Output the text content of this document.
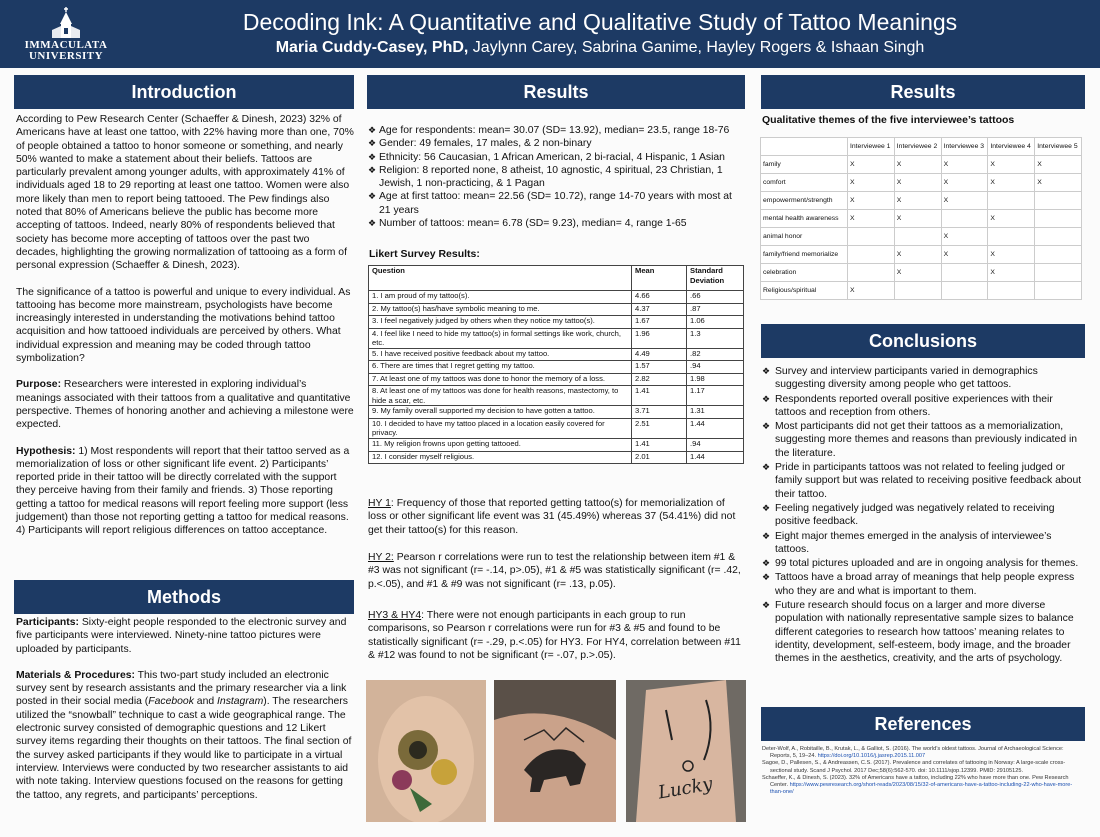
IMMACULATA
UNIVERSITY
Decoding Ink: A Quantitative and Qualitative Study of Tattoo Meanings
Maria Cuddy-Casey, PhD, Jaylynn Carey, Sabrina Ganime, Hayley Rogers & Ishaan Singh
Introduction

According to Pew Research Center (Schaeffer & Dinesh, 2023) 32% of Americans have at least one tattoo, with 22% having more than one, 70% of people obtained a tattoo to honor someone or something, and nearly 50% wanted to make a statement about their beliefs. Tattoos are particularly prevalent among younger adults, with approximately 41% of individuals aged 18 to 29 reporting at least one tattoo. Women were also more likely than men to report being tattooed. The Pew findings also noted that 80% of Americans believe the public has become more accepting of tattoos. Indeed, nearly 80% of respondents believed that society has become more accepting of tattoos over the past two decades, highlighting the growing normalization of tattooing as a form of personal expression (Schaeffer & Dinesh, 2023).

The significance of a tattoo is powerful and unique to every individual. As tattooing has become more mainstream, psychologists have become increasingly interested in understanding the motivations behind tattoo acquisition and how tattooed individuals are perceived by others. What individual expression and meaning may be coded through tattoo symbolization?

Purpose: Researchers were interested in exploring individual’s meanings associated with their tattoos from a qualitative and quantitative perspective. Themes of honoring another and achieving a milestone were expected.

Hypothesis: 1) Most respondents will report that their tattoo served as a memorialization of loss or other significant life event. 2) Participants’ reported pride in their tattoo will be directly correlated with the support they perceive having from their family and friends. 3) Those reporting getting a tattoo for medical reasons will report feeling more support (less judgement) than those not reporting getting a tattoo for medical reasons. 4) Participants will report religious differences on tattoo acceptance.

Methods

Participants: Sixty-eight people responded to the electronic survey and five participants were interviewed. Ninety-nine tattoo pictures were uploaded by participants.

Materials & Procedures: This two-part study included an electronic survey sent by research assistants and the primary researcher via a link posted in their social media (Facebook and Instagram). The researchers utilized the “snowball” technique to cast a wide geographical range. The electronic survey consisted of demographic questions and 12 Likert survey items regarding their thoughts on their tattoos. The final section of the survey asked participants if they would like to participate in a virtual interview. Interviews were conducted by two researcher assistants to aid with note taking. Interview questions focused on the reasons for getting the tattoo, any regrets, and participants’ perceptions.

Results
❖ Age for respondents: mean= 30.07 (SD= 13.92), median= 23.5, range 18-76
❖ Gender: 49 females, 17 males, & 2 non-binary
❖ Ethnicity: 56 Caucasian, 1 African American, 2 bi-racial, 4 Hispanic, 1 Asian
❖ Religion: 8 reported none, 8 atheist, 10 agnostic, 4 spiritual, 23 Christian, 1 Jewish, 1 non-practicing, & 1 Pagan
❖ Age at first tattoo: mean= 22.56 (SD= 10.72), range 14-70 years with most at 21 years
❖ Number of tattoos: mean= 6.78 (SD= 9.23), median= 4, range 1-65
Likert Survey Results:
Question	Mean	Standard Deviation
1. I am proud of my tattoo(s).	4.66	.66
2. My tattoo(s) has/have symbolic meaning to me.	4.37	.87
3. I feel negatively judged by others when they notice my tattoo(s).	1.67	1.06
4. I feel like I need to hide my tattoo(s) in formal settings like work, church, etc.	1.96	1.3
5. I have received positive feedback about my tattoo.	4.49	.82
6. There are times that I regret getting my tattoo.	1.57	.94
7. At least one of my tattoos was done to honor the memory of a loss.	2.82	1.98
8. At least one of my tattoos was done for health reasons, mastectomy, to hide a scar, etc.	1.41	1.17
9. My family overall supported my decision to have gotten a tattoo.	3.71	1.31
10. I decided to have my tattoo placed in a location easily covered for privacy.	2.51	1.44
11. My religion frowns upon getting tattooed.	1.41	.94
12. I consider myself religious.	2.01	1.44
HY 1: Frequency of those that reported getting tattoo(s) for memorialization of loss or other significant life event was 31 (45.49%) whereas 37 (54.41%) did not get their tattoo(s) for this reason.
HY 2: Pearson r correlations were run to test the relationship between item #1 & #3 was not significant (r= -.14, p>.05), #1 & #5 was statistically significant (r= .42, p.<.05), and #1 & #9 was not significant (r= .13, p.05).
HY3 & HY4: There were not enough participants in each group to run comparisons, so Pearson r correlations were run for #3 & #5 and found to be statistically significant (r= -.29, p.<.05) for HY3. For HY4, correlation between #11 & #12 was found to not be significant (r= -.07, p.>.05).
Lucky
Results
Qualitative themes of the five interviewee’s tattoos
	Interviewee 1	Interviewee 2	Interviewee 3	Interviewee 4	Interviewee 5
family	X	X	X	X	X
comfort	X	X	X	X	X
empowerment/strength	X	X	X		
mental health awareness	X	X		X	
animal honor			X		
family/friend memorialize		X	X	X	
celebration		X		X	
Religious/spiritual	X				
Conclusions
❖ Survey and interview participants varied in demographics suggesting diversity among people who get tattoos.
❖ Respondents reported overall positive experiences with their tattoos and reception from others.
❖ Most participants did not get their tattoos as a memorialization, suggesting more themes and reasons than previously indicated in the literature.
❖ Pride in participants tattoos was not related to feeling judged or family support but was related to receiving positive feedback about their tattoo.
❖ Feeling negatively judged was negatively related to receiving positive feedback.
❖ Eight major themes emerged in the analysis of interviewee’s tattoos.
❖ 99 total pictures uploaded and are in ongoing analysis for themes.
❖ Tattoos have a broad array of meanings that help people express who they are and what is important to them.
❖ Future research should focus on a larger and more diverse population with nationally representative sample sizes to balance different categories to research how tattoos’ meaning relates to identity, development, self-esteem, body image, and the broader themes in the aesthetics, creativity, and the arts of psychology.
References

Deter-Wolf, A., Robitaille, B., Krutak, L., & Galliot, S. (2016). The world’s oldest tattoos. Journal of Archaeological Science: Reports, 5, 19–24. https://doi.org/10.1016/j.jasrep.2015.11.007

Sagoe, D., Pallesen, S., & Andreassen, C.S. (2017). Prevalence and correlates of tattooing in Norway: A large-scale cross-sectional study. Scand J Psychol. 2017 Dec;58(6):562-570. doi: 10.1111/sjop.12399. PMID: 29105125.

Schaeffer, K., & Dinesh, S. (2023). 32% of Americans have a tattoo, including 22% who have more than one. Pew Research Center. https://www.pewresearch.org/short-reads/2023/08/15/32-of-americans-have-a-tattoo-including-22-who-have-more-than-one/
